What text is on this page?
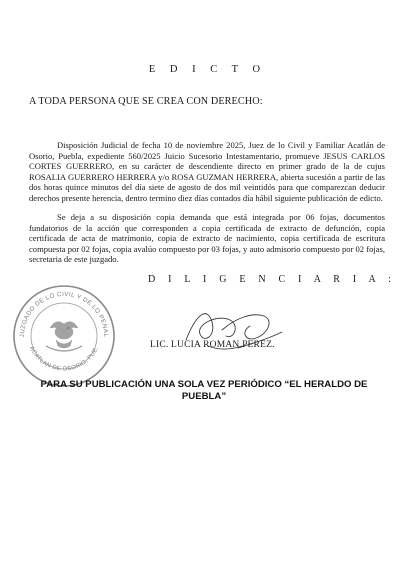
E D I C T O
A TODA PERSONA QUE SE CREA CON DERECHO:

Disposición Judicial de fecha 10 de noviembre 2025, Juez de lo Civil y Familiar Acatlán de Osorio, Puebla, expediente 560/2025 Juicio Sucesorio Intestamentario, promueve JESUS CARLOS CORTES GUERRERO, en su carácter de descendiente directo en primer grado de la de cujus ROSALIA GUERRERO HERRERA y/o ROSA GUZMAN HERRERA, abierta sucesión a partir de las dos horas quince minutos del día siete de agosto de dos mil veintidós para que comparezcan deducir derechos presente herencia, dentro termino diez días contados día hábil siguiente publicación de edicto.

Se deja a su disposición copia demanda que está integrada por 06 fojas, documentos fundatorios de la acción que corresponden a copia certificada de extracto de defunción, copia certificada de acta de matrimonio, copia de extracto de nacimiento, copia certificada de escritura compuesta por 02 fojas, copia avalúo compuesto por 03 fojas, y auto admisorio compuesto por 02 fojas, secretaria de este juzgado.

D I L I G E N C I A R I A :
JUZGADO DE LO CIVIL Y DE LO PENAL
ACATLAN DE OSORIO, PUE.	LIC. LUCIA ROMAN PEREZ.
PARA SU PUBLICACIÓN UNA SOLA VEZ PERIÓDICO “EL HERALDO DE PUEBLA”
